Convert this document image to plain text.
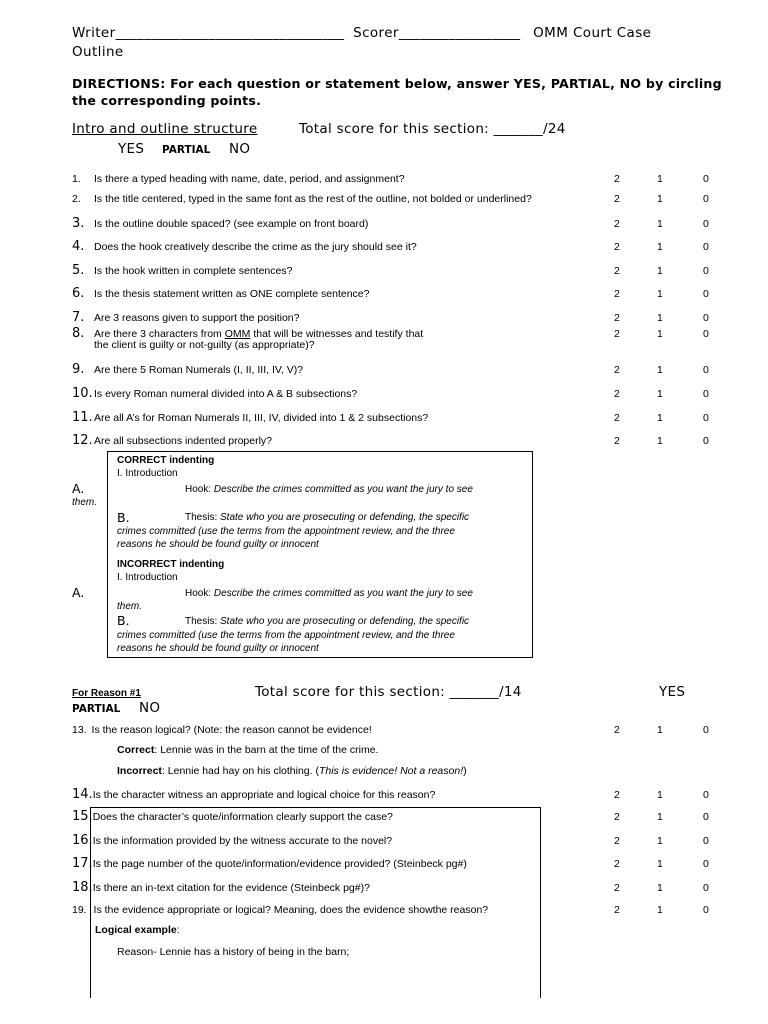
Writer________________________________ Scorer_________________ OMM Court Case
Outline
DIRECTIONS: For each question or statement below, answer YES, PARTIAL, NO by circling
the corresponding points.
Intro and outline structure	Total score for this section: _______/24
YES PARTIAL NO
1. Is there a typed heading with name, date, period, and assignment?	2	1	0
2. Is the title centered, typed in the same font as the rest of the outline, not bolded or underlined?	2	1	0
3. Is the outline double spaced? (see example on front board)	2	1	0
4. Does the hook creatively describe the crime as the jury should see it?	2	1	0
5. Is the hook written in complete sentences?	2	1	0
6. Is the thesis statement written as ONE complete sentence?	2	1	0
7. Are 3 reasons given to support the position?	2	1	0
8. Are there 3 characters from OMM that will be witnesses and testify that
the client is guilty or not-guilty (as appropriate)?
2	1	0
9. Are there 5 Roman Numerals (I, II, III, IV, V)?	2	1	0
10.Is every Roman numeral divided into A & B subsections?	2	1	0
11.Are all A’s for Roman Numerals II, III, IV, divided into 1 & 2 subsections?	2	1	0
12.Are all subsections indented properly?	2	1	0
CORRECT indenting
I. Introduction
A.	Hook: Describe the crimes committed as you want the jury to see
them.
B.	Thesis: State who you are prosecuting or defending, the specific
crimes committed (use the terms from the appointment review, and the three
reasons he should be found guilty or innocent
INCORRECT indenting
I. Introduction
A.	Hook: Describe the crimes committed as you want the jury to see
them.
B.	Thesis: State who you are prosecuting or defending, the specific
crimes committed (use the terms from the appointment review, and the three
reasons he should be found guilty or innocent
For Reason #1	Total score for this section: _______/14	YES
PARTIAL NO
13. Is the reason logical? (Note: the reason cannot be evidence!	2	1	0
Correct: Lennie was in the barn at the time of the crime.
Incorrect: Lennie had hay on his clothing. (This is evidence! Not a reason!)
14.Is the character witness an appropriate and logical choice for this reason?	2	1	0
15.Does the character’s quote/information clearly support the case?	2	1	0
16.Is the information provided by the witness accurate to the novel?	2	1	0
17.Is the page number of the quote/information/evidence provided? (Steinbeck pg#)	2	1	0
18.Is there an in-text citation for the evidence (Steinbeck pg#)?	2	1	0
19. Is the evidence appropriate or logical? Meaning, does the evidence showthe reason?	2	1	0
Logical example:
Reason- Lennie has a history of being in the barn;
